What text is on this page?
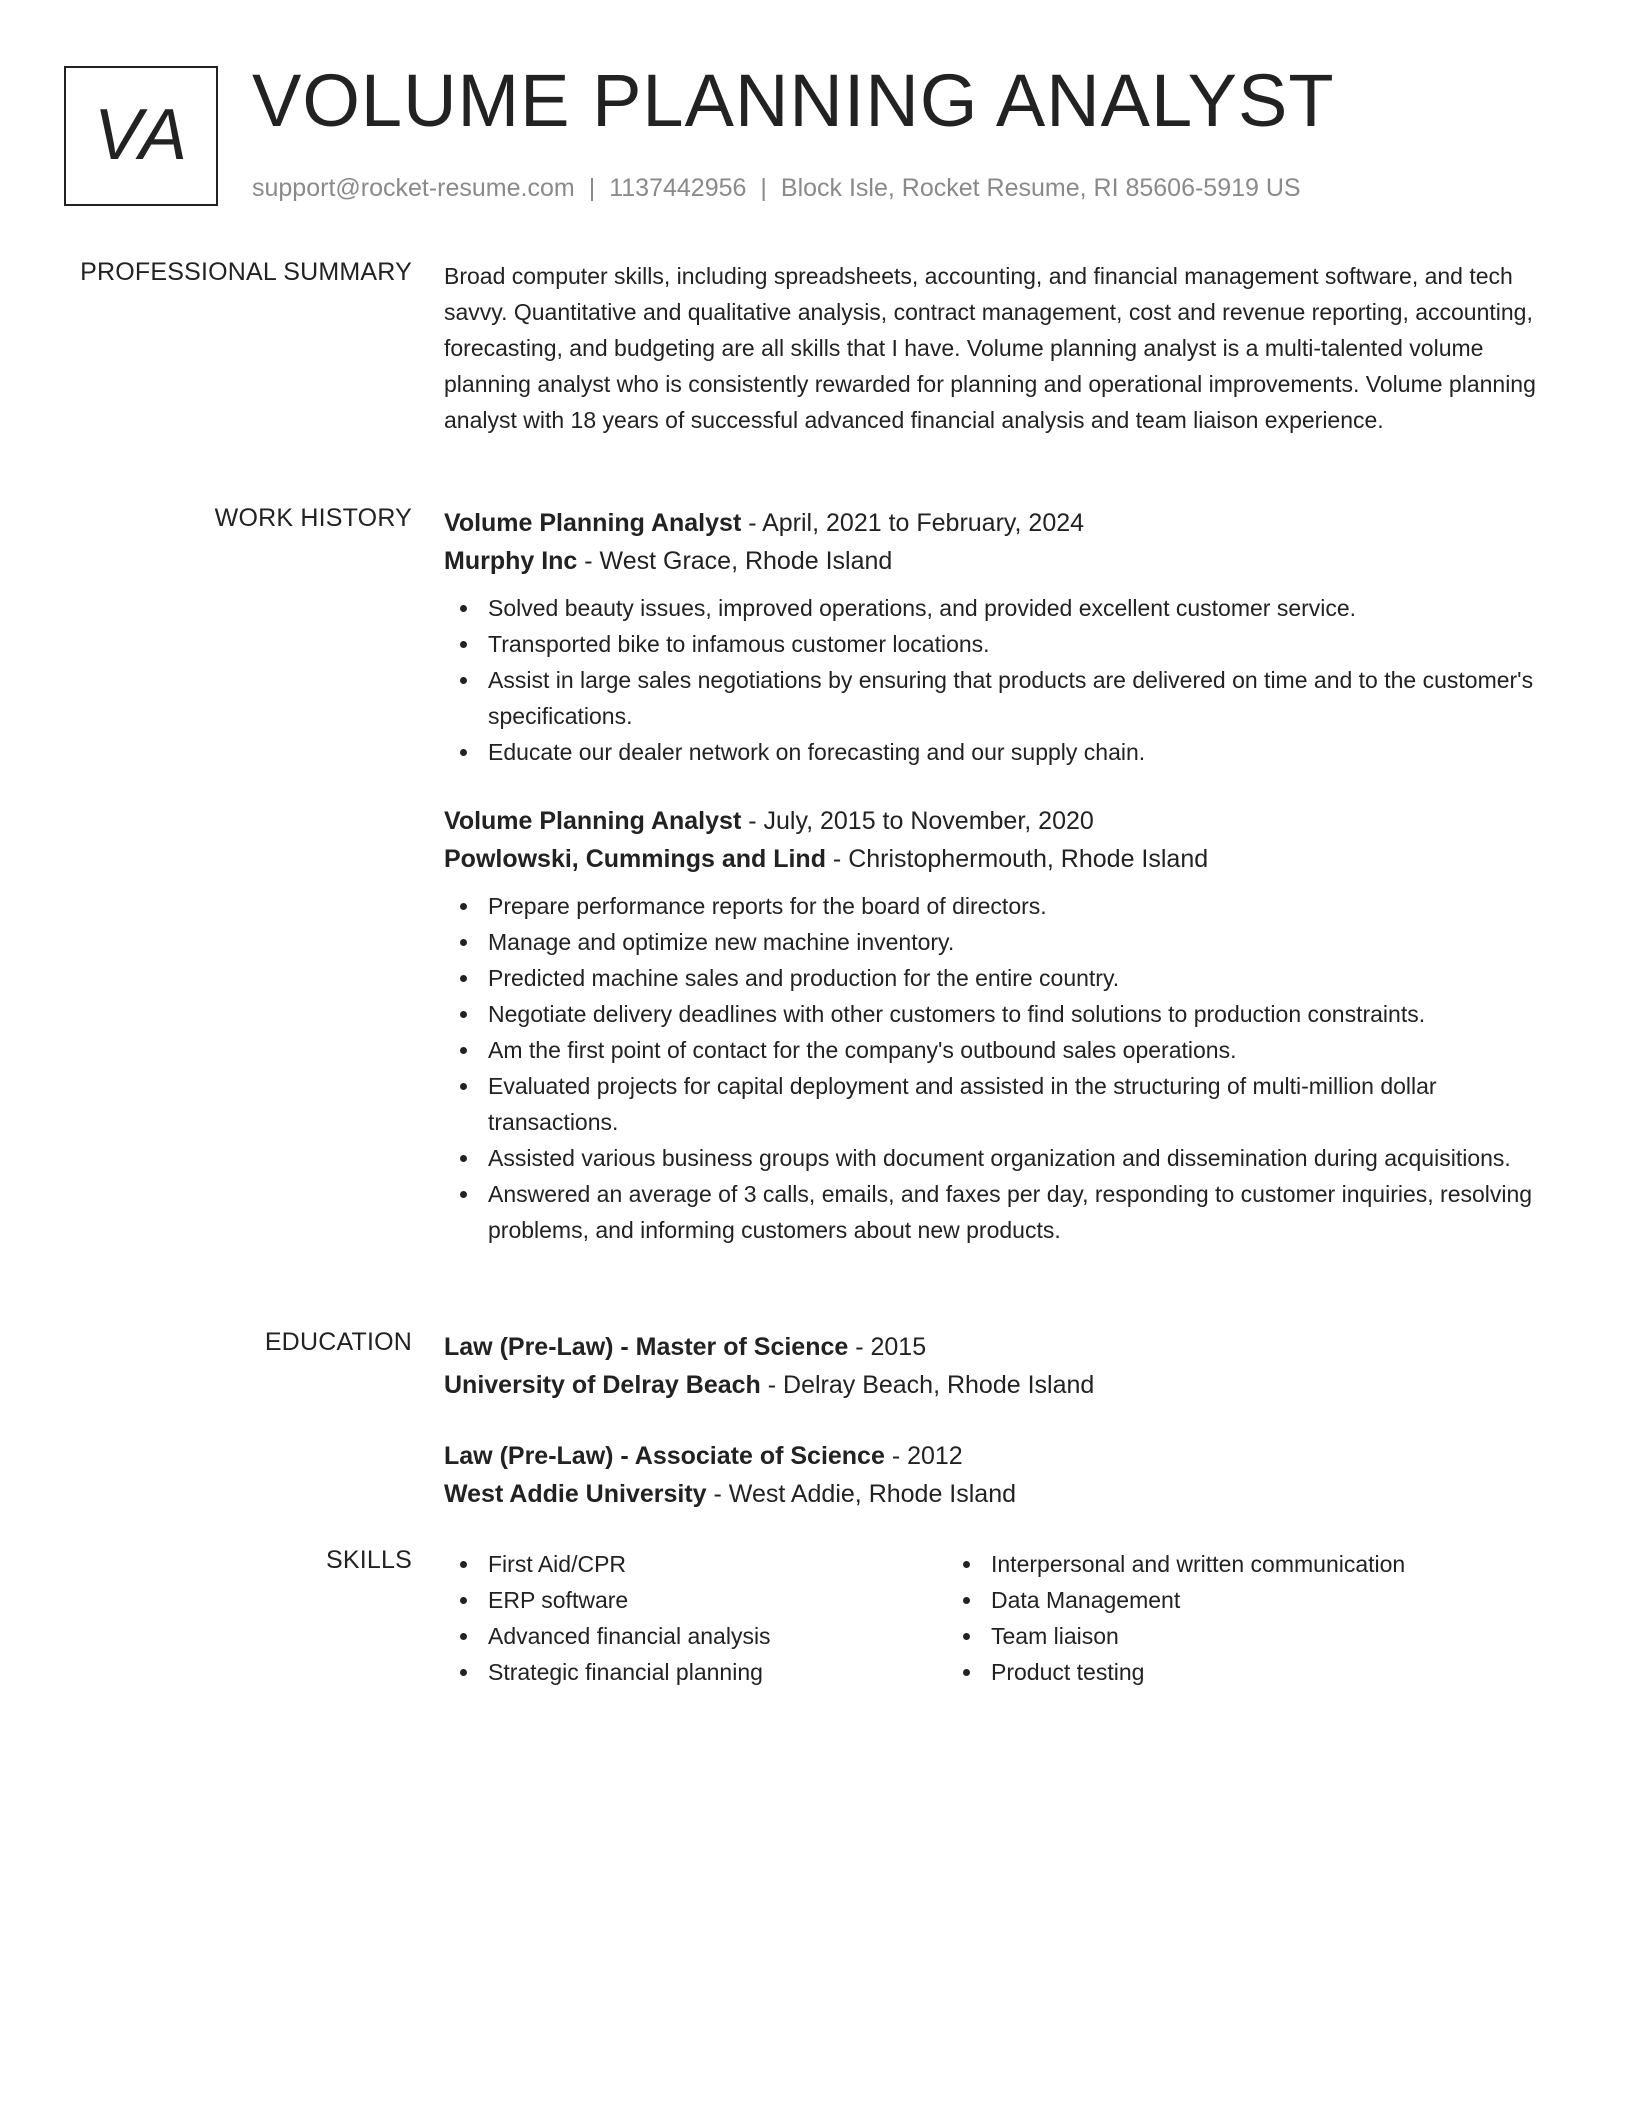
VA VOLUME PLANNING ANALYST
support@rocket-resume.com | 1137442956 | Block Isle, Rocket Resume, RI 85606-5919 US
PROFESSIONAL SUMMARY Broad computer skills, including spreadsheets, accounting, and financial management software, and tech savvy. Quantitative and qualitative analysis, contract management, cost and revenue reporting, accounting, forecasting, and budgeting are all skills that I have. Volume planning analyst is a multi-talented volume planning analyst who is consistently rewarded for planning and operational improvements. Volume planning analyst with 18 years of successful advanced financial analysis and team liaison experience.

WORK HISTORY Volume Planning Analyst - April, 2021 to February, 2024

Murphy Inc - West Grace, Rhode Island

Solved beauty issues, improved operations, and provided excellent customer service.
Transported bike to infamous customer locations.
Assist in large sales negotiations by ensuring that products are delivered on time and to the customer's specifications.
Educate our dealer network on forecasting and our supply chain.

Volume Planning Analyst - July, 2015 to November, 2020

Powlowski, Cummings and Lind - Christophermouth, Rhode Island

Prepare performance reports for the board of directors.
Manage and optimize new machine inventory.
Predicted machine sales and production for the entire country.
Negotiate delivery deadlines with other customers to find solutions to production constraints.
Am the first point of contact for the company's outbound sales operations.
Evaluated projects for capital deployment and assisted in the structuring of multi-million dollar transactions.
Assisted various business groups with document organization and dissemination during acquisitions.
Answered an average of 3 calls, emails, and faxes per day, responding to customer inquiries, resolving problems, and informing customers about new products.
EDUCATION Law (Pre-Law) - Master of Science - 2015

University of Delray Beach - Delray Beach, Rhode Island

Law (Pre-Law) - Associate of Science - 2012

West Addie University - West Addie, Rhode Island

SKILLS	First Aid/CPR
ERP software
Advanced financial analysis
Strategic financial planning
Interpersonal and written communication
Data Management
Team liaison
Product testing
